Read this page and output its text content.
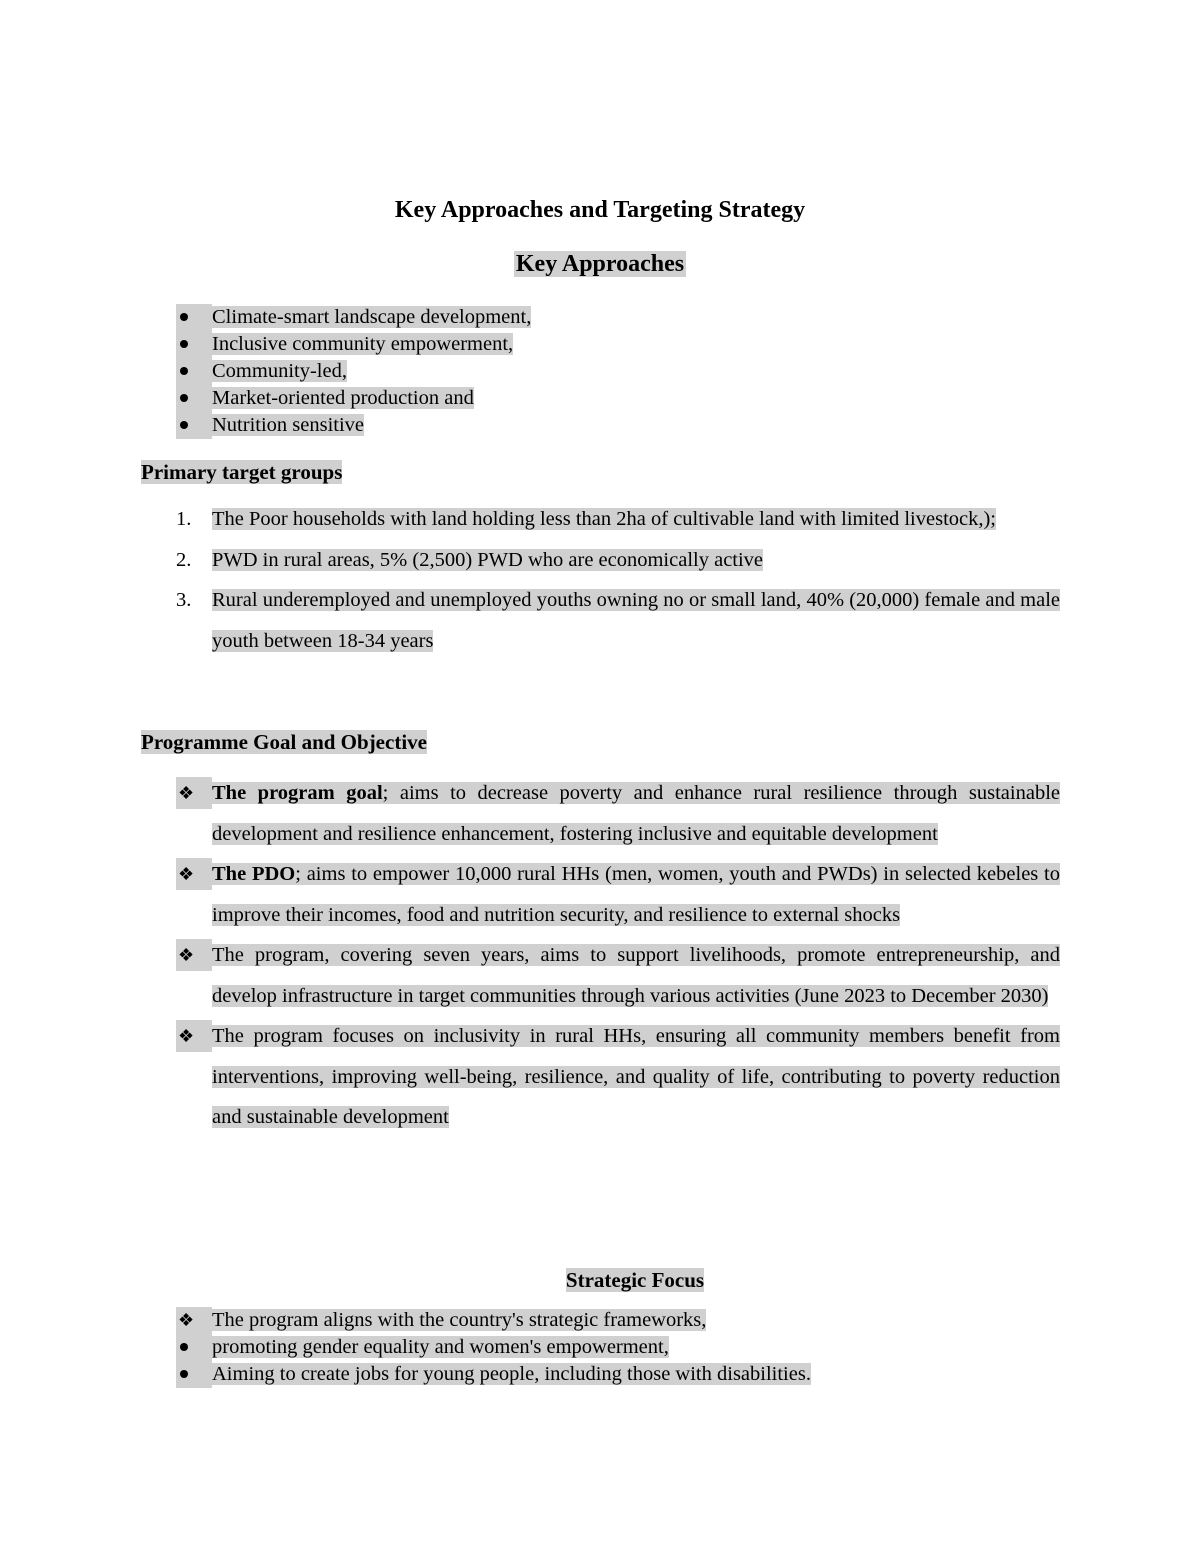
Key Approaches and Targeting Strategy
Key Approaches
Climate-smart landscape development,
Inclusive community empowerment,
Community-led,
Market-oriented production and
Nutrition sensitive
Primary target groups
1. The Poor households with land holding less than 2ha of cultivable land with limited livestock,);
2. PWD in rural areas, 5% (2,500) PWD who are economically active
3. Rural underemployed and unemployed youths owning no or small land, 40% (20,000) female and male youth between 18-34 years
Programme Goal and Objective
❖ The program goal; aims to decrease poverty and enhance rural resilience through sustainable development and resilience enhancement, fostering inclusive and equitable development
❖ The PDO; aims to empower 10,000 rural HHs (men, women, youth and PWDs) in selected kebeles to improve their incomes, food and nutrition security, and resilience to external shocks
❖ The program, covering seven years, aims to support livelihoods, promote entrepreneurship, and develop infrastructure in target communities through various activities (June 2023 to December 2030)
❖ The program focuses on inclusivity in rural HHs, ensuring all community members benefit from interventions, improving well-being, resilience, and quality of life, contributing to poverty reduction and sustainable development
Strategic Focus
❖ The program aligns with the country's strategic frameworks,
promoting gender equality and women's empowerment,
Aiming to create jobs for young people, including those with disabilities.
